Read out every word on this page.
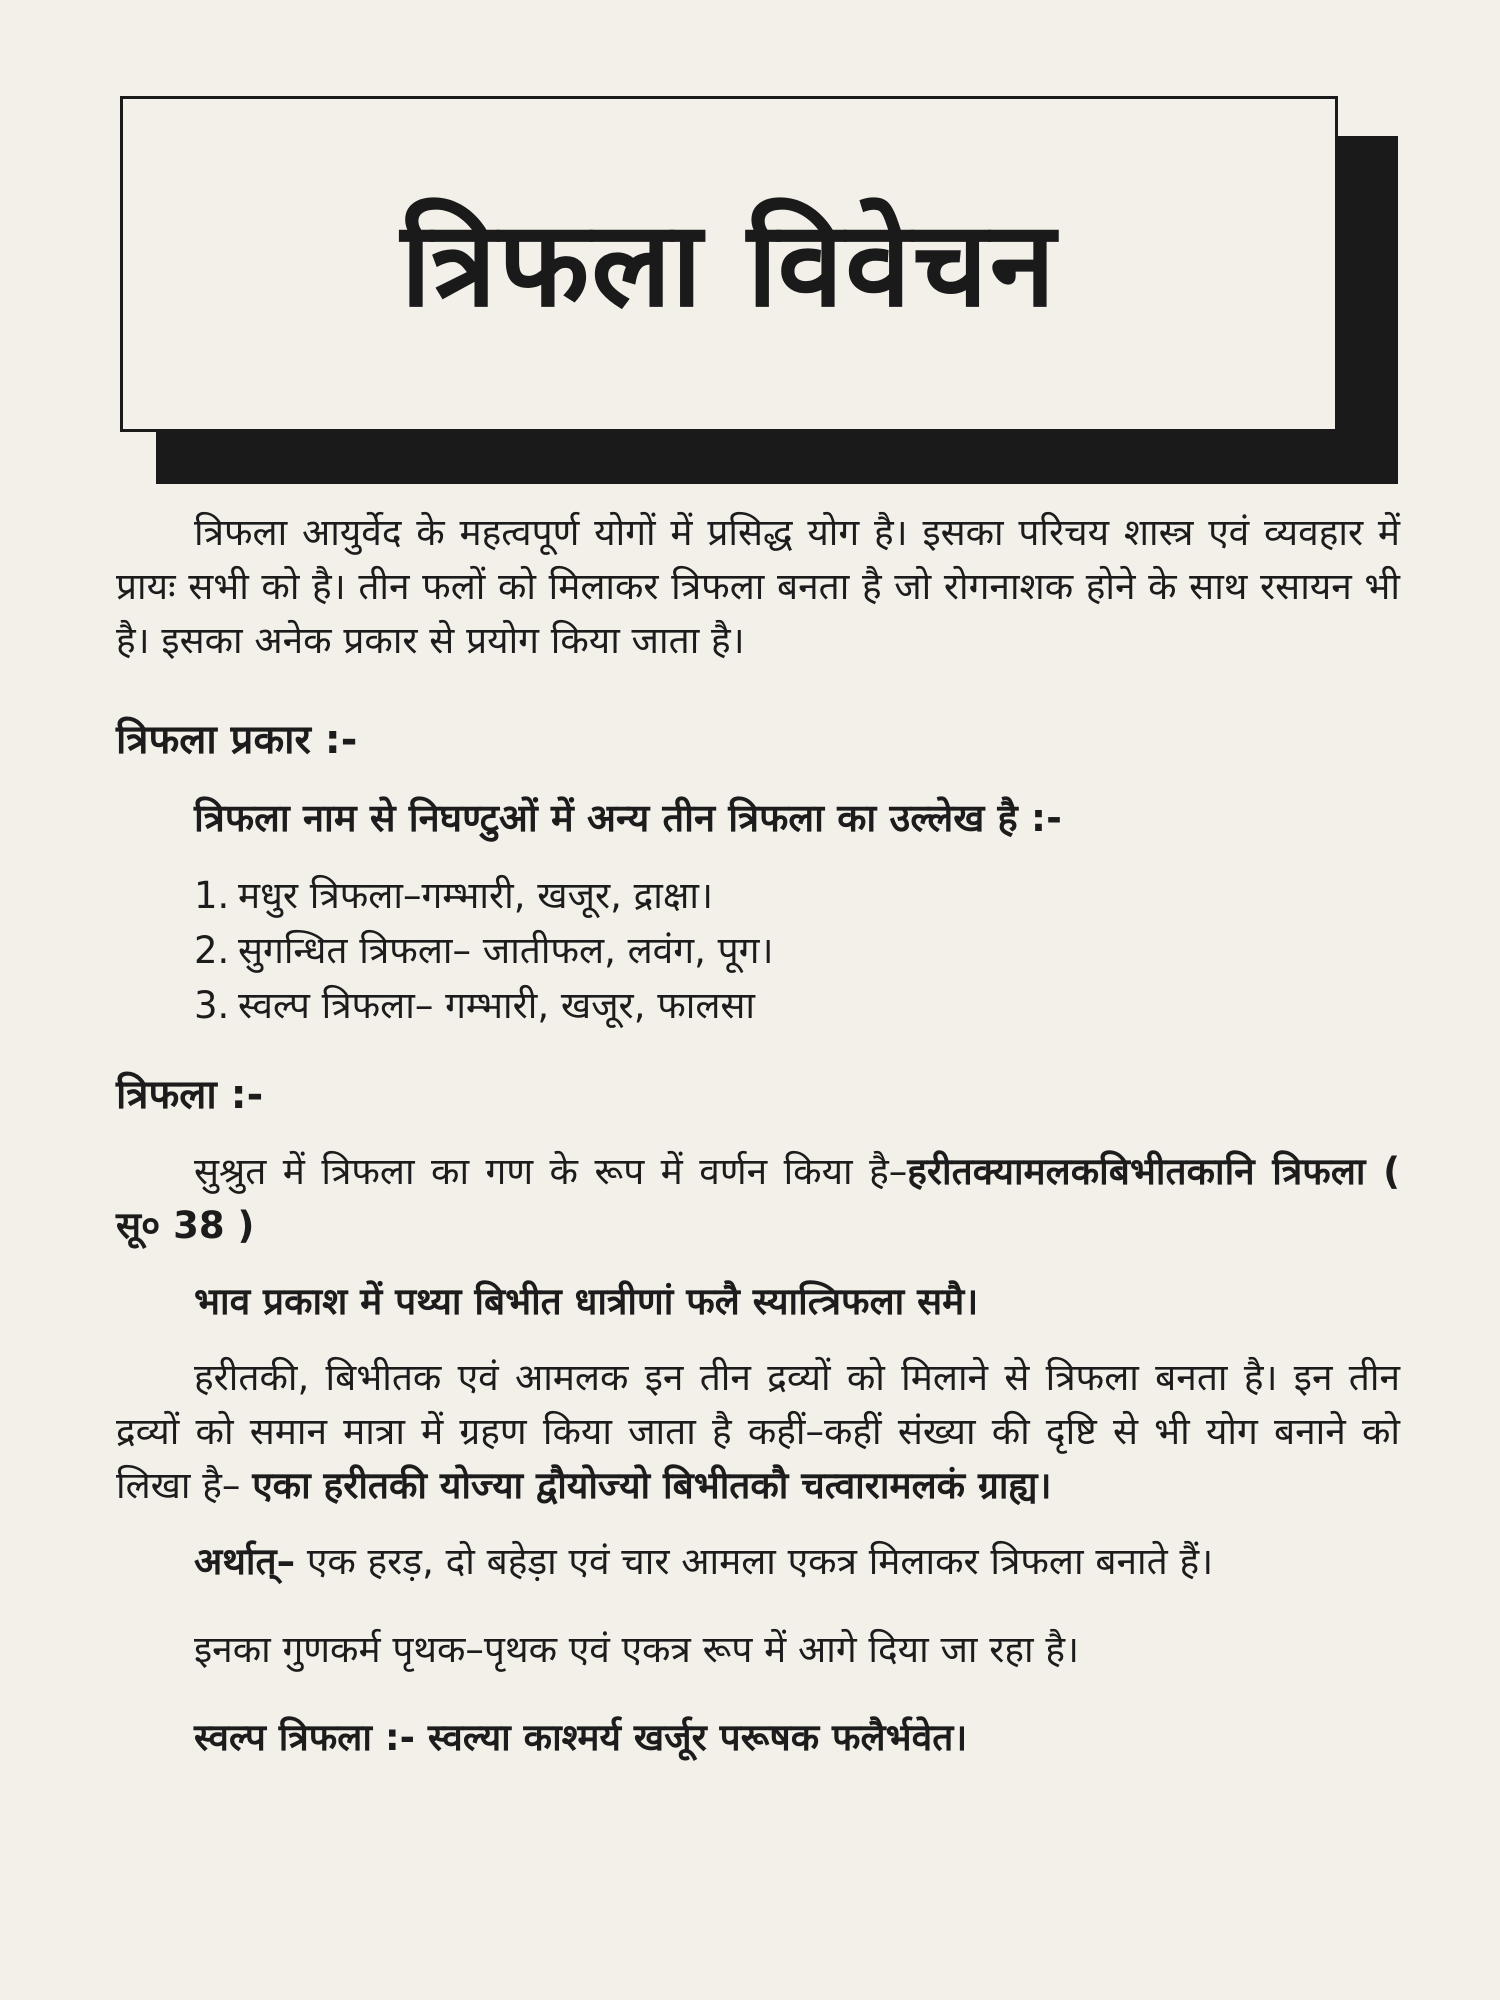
त्रिफला विवेचन

त्रिफला आयुर्वेद के महत्वपूर्ण योगों में प्रसिद्ध योग है। इसका परिचय शास्त्र एवं व्यवहार में प्रायः सभी को है। तीन फलों को मिलाकर त्रिफला बनता है जो रोगनाशक होने के साथ रसायन भी है। इसका अनेक प्रकार से प्रयोग किया जाता है।

त्रिफला प्रकार :-

त्रिफला नाम से निघण्टुओं में अन्य तीन त्रिफला का उल्लेख है :-

1. मधुर त्रिफला–गम्भारी, खजूर, द्राक्षा।
2. सुगन्धित त्रिफला– जातीफल, लवंग, पूग।
3. स्वल्प त्रिफला– गम्भारी, खजूर, फालसा

त्रिफला :-

सुश्रुत में त्रिफला का गण के रूप में वर्णन किया है–हरीतक्यामलकबिभीतकानि त्रिफला ( सू० 38 )

भाव प्रकाश में पथ्या बिभीत धात्रीणां फलै स्यात्त्रिफला समै।

हरीतकी, बिभीतक एवं आमलक इन तीन द्रव्यों को मिलाने से त्रिफला बनता है। इन तीन द्रव्यों को समान मात्रा में ग्रहण किया जाता है कहीं–कहीं संख्या की दृष्टि से भी योग बनाने को लिखा है– एका हरीतकी योज्या द्वौयोज्यो बिभीतकौ चत्वारामलकं ग्राह्य।

अर्थात्– एक हरड़, दो बहेड़ा एवं चार आमला एकत्र मिलाकर त्रिफला बनाते हैं।

इनका गुणकर्म पृथक–पृथक एवं एकत्र रूप में आगे दिया जा रहा है।

स्वल्प त्रिफला :- स्वल्या काश्मर्य खर्जूर परूषक फलैर्भवेत।
